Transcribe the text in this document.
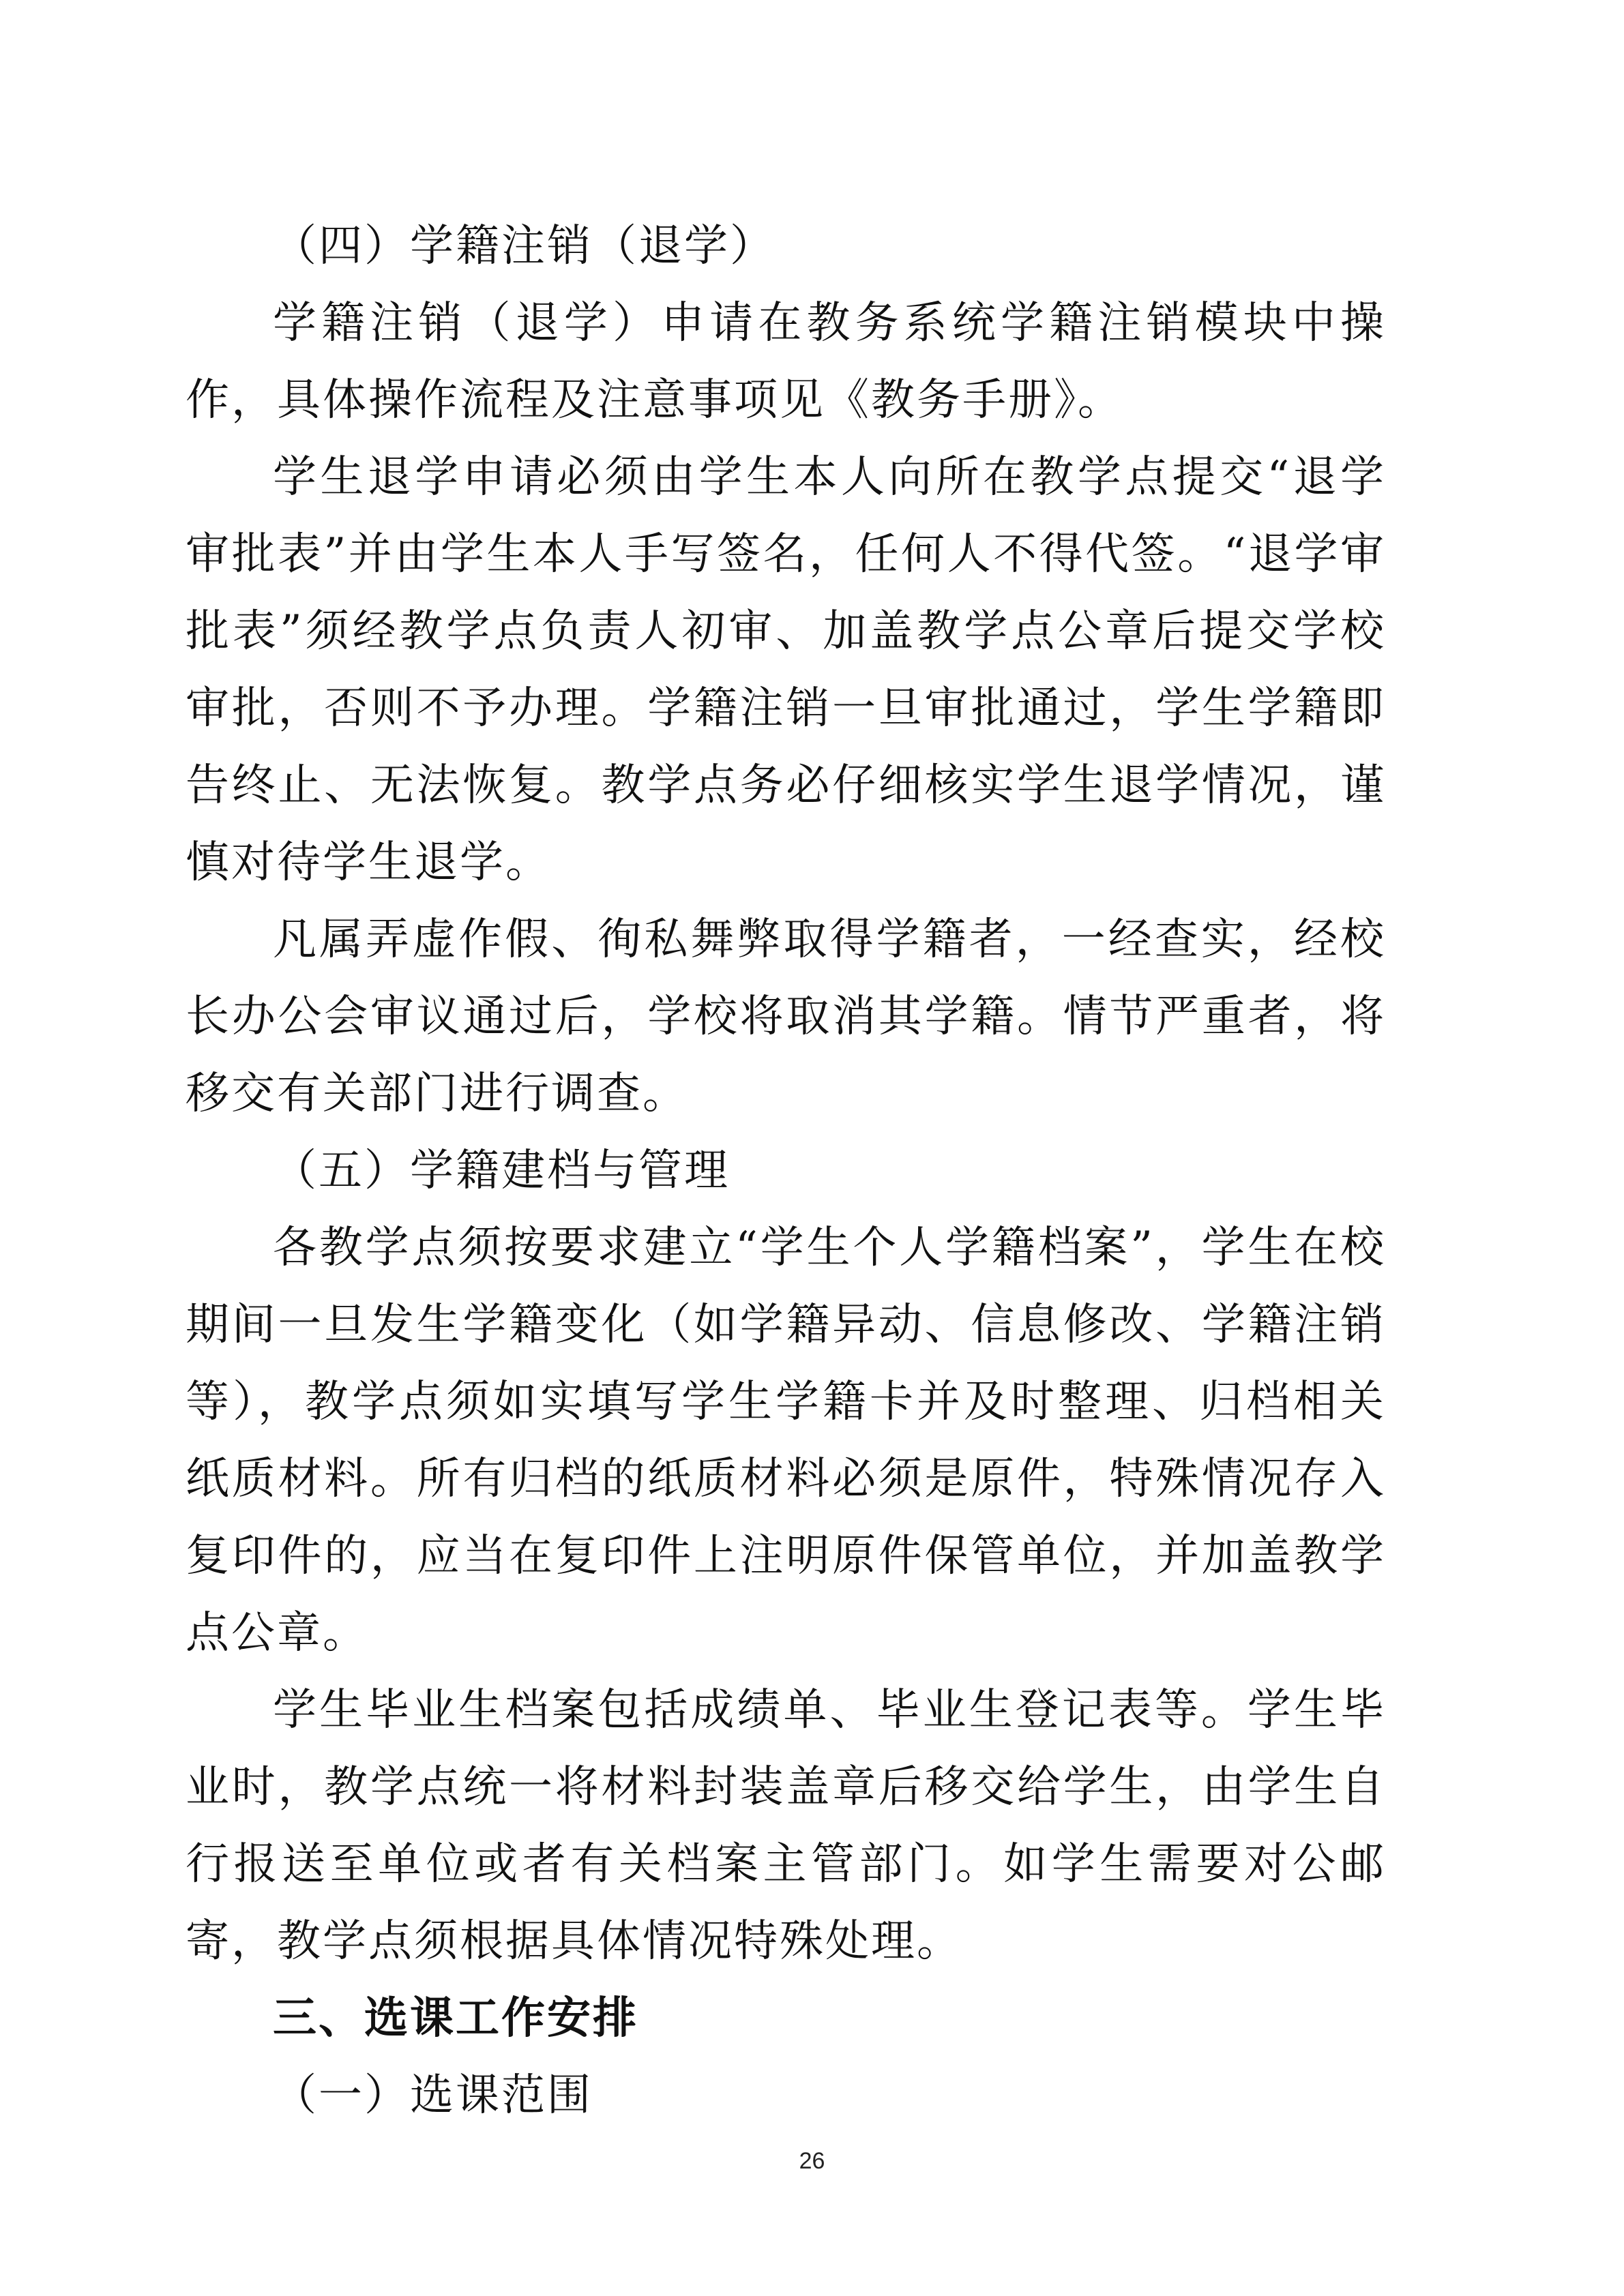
（四）学籍注销（退学）

学籍注销（退学）申请在教务系统学籍注销模块中操作，具体操作流程及注意事项见《教务手册》。

学生退学申请必须由学生本人向所在教学点提交“退学审批表”并由学生本人手写签名，任何人不得代签。“退学审批表”须经教学点负责人初审、加盖教学点公章后提交学校审批，否则不予办理。学籍注销一旦审批通过，学生学籍即告终止、无法恢复。教学点务必仔细核实学生退学情况，谨慎对待学生退学。

凡属弄虚作假、徇私舞弊取得学籍者，一经查实，经校长办公会审议通过后，学校将取消其学籍。情节严重者，将移交有关部门进行调查。

（五）学籍建档与管理

各教学点须按要求建立“学生个人学籍档案”，学生在校期间一旦发生学籍变化（如学籍异动、信息修改、学籍注销等），教学点须如实填写学生学籍卡并及时整理、归档相关纸质材料。所有归档的纸质材料必须是原件，特殊情况存入复印件的，应当在复印件上注明原件保管单位，并加盖教学点公章。

学生毕业生档案包括成绩单、毕业生登记表等。学生毕业时，教学点统一将材料封装盖章后移交给学生，由学生自行报送至单位或者有关档案主管部门。如学生需要对公邮寄，教学点须根据具体情况特殊处理。

三、选课工作安排

（一）选课范围

26
